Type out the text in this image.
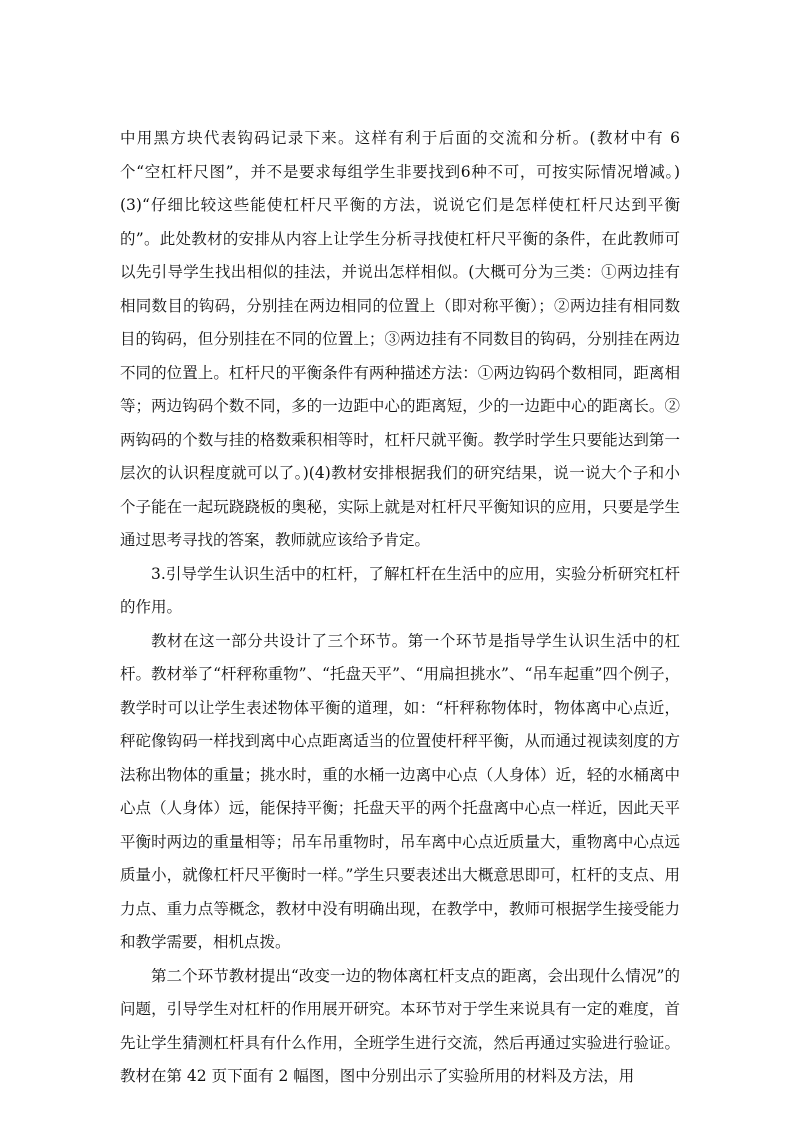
中用黑方块代表钩码记录下来。这样有利于后面的交流和分析。(教材中有 6 个“空杠杆尺图”，并不是要求每组学生非要找到6种不可，可按实际情况增减。)(3)“仔细比较这些能使杠杆尺平衡的方法，说说它们是怎样使杠杆尺达到平衡的”。此处教材的安排从内容上让学生分析寻找使杠杆尺平衡的条件，在此教师可以先引导学生找出相似的挂法，并说出怎样相似。(大概可分为三类：①两边挂有相同数目的钩码，分别挂在两边相同的位置上（即对称平衡）；②两边挂有相同数目的钩码，但分别挂在不同的位置上；③两边挂有不同数目的钩码，分别挂在两边不同的位置上。杠杆尺的平衡条件有两种描述方法：①两边钩码个数相同，距离相等；两边钩码个数不同，多的一边距中心的距离短，少的一边距中心的距离长。②两钩码的个数与挂的格数乘积相等时，杠杆尺就平衡。教学时学生只要能达到第一层次的认识程度就可以了。)(4)教材安排根据我们的研究结果，说一说大个子和小个子能在一起玩跷跷板的奥秘，实际上就是对杠杆尺平衡知识的应用，只要是学生通过思考寻找的答案，教师就应该给予肯定。

3.引导学生认识生活中的杠杆，了解杠杆在生活中的应用，实验分析研究杠杆的作用。

教材在这一部分共设计了三个环节。第一个环节是指导学生认识生活中的杠杆。教材举了“杆秤称重物”、“托盘天平”、“用扁担挑水”、“吊车起重”四个例子，教学时可以让学生表述物体平衡的道理，如：“杆秤称物体时，物体离中心点近，秤砣像钩码一样找到离中心点距离适当的位置使杆秤平衡，从而通过视读刻度的方法称出物体的重量；挑水时，重的水桶一边离中心点（人身体）近，轻的水桶离中心点（人身体）远，能保持平衡；托盘天平的两个托盘离中心点一样近，因此天平平衡时两边的重量相等；吊车吊重物时，吊车离中心点近质量大，重物离中心点远质量小，就像杠杆尺平衡时一样。”学生只要表述出大概意思即可，杠杆的支点、用力点、重力点等概念，教材中没有明确出现，在教学中，教师可根据学生接受能力和教学需要，相机点拨。

第二个环节教材提出“改变一边的物体离杠杆支点的距离，会出现什么情况”的问题，引导学生对杠杆的作用展开研究。本环节对于学生来说具有一定的难度，首先让学生猜测杠杆具有什么作用，全班学生进行交流，然后再通过实验进行验证。教材在第 42 页下面有 2 幅图，图中分别出示了实验所用的材料及方法，用
